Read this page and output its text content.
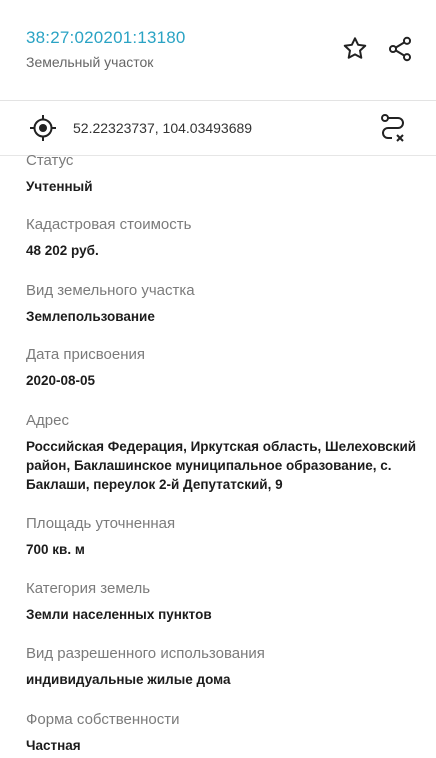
38:27:020201:13180
Земельный участок
52.22323737, 104.03493689
Статус
Учтенный
Кадастровая стоимость
48 202 руб.
Вид земельного участка
Землепользование
Дата присвоения
2020-08-05
Адрес
Российская Федерация, Иркутская область, Шелеховский район, Баклашинское муниципальное образование, с. Баклаши, переулок 2-й Депутатский, 9
Площадь уточненная
700 кв. м
Категория земель
Земли населенных пунктов
Вид разрешенного использования
индивидуальные жилые дома
Форма собственности
Частная
